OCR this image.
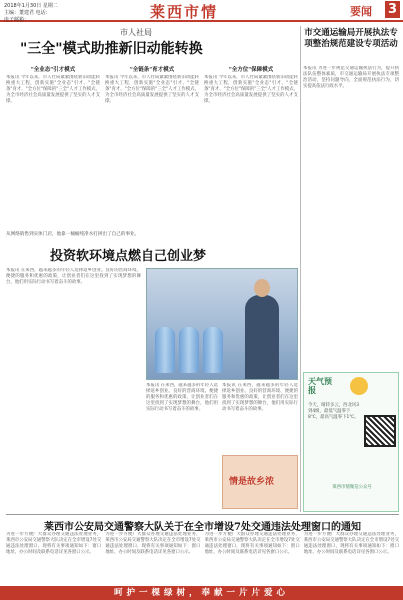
2018年1月30日 星期二
主编：董建君 电话：
电子邮箱：	莱西市情	要闻 3
市人社局
"三全"模式助推新旧动能转换
"全业态"引才模式
本报讯 今年以来，市人社局紧紧围绕新旧动能转换重大工程，创新实施"全业态"引才、"全链条"育才、"全方位"保障的"三全"人才工作模式，为全市经济社会高质量发展提供了坚实的人才支撑。
"全链条"育才模式
本报讯 今年以来，市人社局紧紧围绕新旧动能转换重大工程，创新实施"全业态"引才、"全链条"育才、"全方位"保障的"三全"人才工作模式，为全市经济社会高质量发展提供了坚实的人才支撑。
"全方位"保障模式
本报讯 今年以来，市人社局紧紧围绕新旧动能转换重大工程，创新实施"全业态"引才、"全链条"育才、"全方位"保障的"三全"人才工作模式，为全市经济社会高质量发展提供了坚实的人才支撑。
市交通运输局开展执法专项整治规范建设专项活动
本报讯 为进一步规范交通运输执法行为，提升执法队伍整体素质，市交通运输局开展执法专项整治活动，坚持问题导向，全面规范执法行为，切实提高依法行政水平。
从网络销售到实体门店，他靠一桶桶纯净水打拼出了自己的事业。
投资软环境点燃自己创业梦
本报讯 在莱西，越来越多的年轻人选择返乡创业。良好的营商环境、便捷的服务和优惠的政策，让创业者们在这里找到了实现梦想的舞台，他们用实际行动书写着奋斗的故事。
本报讯 在莱西，越来越多的年轻人选择返乡创业。良好的营商环境、便捷的服务和优惠的政策，让创业者们在这里找到了实现梦想的舞台，他们用实际行动书写着奋斗的故事。
本报讯 在莱西，越来越多的年轻人选择返乡创业。良好的营商环境、便捷的服务和优惠的政策，让创业者们在这里找到了实现梦想的舞台，他们用实际行动书写着奋斗的故事。
情是故乡浓
天气预报
今天，晴转多云，西北风3到4级，最低气温零下8℃，最高气温零下1℃。
莱西市情微信公众号
莱西市公安局交通警察大队关于在全市增设7处交通违法处理窗口的通知
为进一步方便广大群众办理交通违法处理业务，莱西市公安局交通警察大队决定在全市增设7处交通违法处理窗口，现将有关事项通知如下：窗口地址、办公时间及联系电话详见各窗口公示。
为进一步方便广大群众办理交通违法处理业务，莱西市公安局交通警察大队决定在全市增设7处交通违法处理窗口，现将有关事项通知如下：窗口地址、办公时间及联系电话详见各窗口公示。
为进一步方便广大群众办理交通违法处理业务，莱西市公安局交通警察大队决定在全市增设7处交通违法处理窗口，现将有关事项通知如下：窗口地址、办公时间及联系电话详见各窗口公示。
为进一步方便广大群众办理交通违法处理业务，莱西市公安局交通警察大队决定在全市增设7处交通违法处理窗口，现将有关事项通知如下：窗口地址、办公时间及联系电话详见各窗口公示。
呵护一棵绿树，奉献一片片爱心
